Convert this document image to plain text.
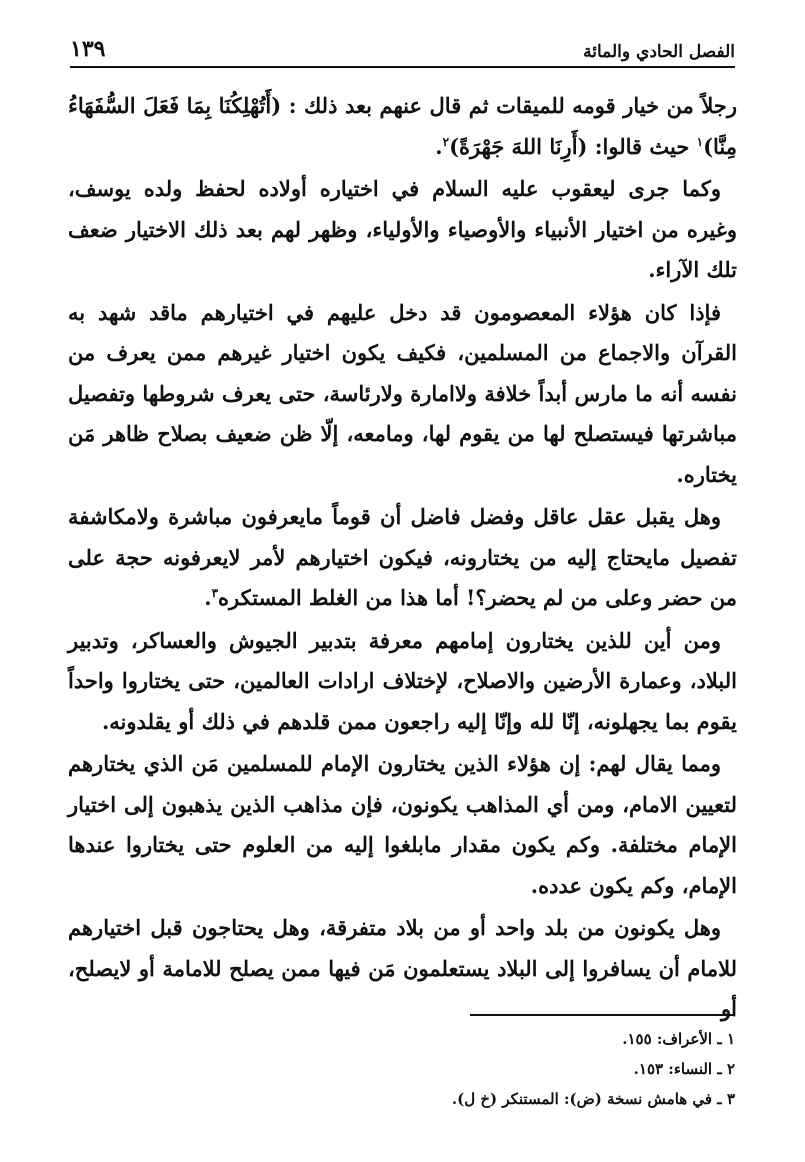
الفصل الحادي والمائة
١٣٩

رجلاً من خيار قومه للميقات ثم قال عنهم بعد ذلك : (أَتُهْلِكُنَا بِمَا فَعَلَ السُّفَهَاءُ مِنَّا)$^١$ حيث قالوا: (أَرِنَا اللهَ جَهْرَةً)$^٢$.

وكما جرى ليعقوب عليه السلام في اختياره أولاده لحفظ ولده يوسف، وغيره من اختيار الأنبياء والأوصياء والأولياء، وظهر لهم بعد ذلك الاختيار ضعف تلك الآراء.

فإذا كان هؤلاء المعصومون قد دخل عليهم في اختيارهم ماقد شهد به القرآن والاجماع من المسلمين، فكيف يكون اختيار غيرهم ممن يعرف من نفسه أنه ما مارس أبداً خلافة ولاامارة ولارئاسة، حتى يعرف شروطها وتفصيل مباشرتها فيستصلح لها من يقوم لها، ومامعه، إلّا ظن ضعيف بصلاح ظاهر مَن يختاره.

وهل يقبل عقل عاقل وفضل فاضل أن قوماً مايعرفون مباشرة ولامكاشفة تفصيل مايحتاج إليه من يختارونه، فيكون اختيارهم لأمر لايعرفونه حجة على من حضر وعلى من لم يحضر؟! أما هذا من الغلط المستكره$^٣$.

ومن أين للذين يختارون إمامهم معرفة بتدبير الجيوش والعساكر، وتدبير البلاد، وعمارة الأرضين والاصلاح، لإختلاف ارادات العالمين، حتى يختاروا واحداً يقوم بما يجهلونه، إنّا لله وإنّا إليه راجعون ممن قلدهم في ذلك أو يقلدونه.

ومما يقال لهم: إن هؤلاء الذين يختارون الإمام للمسلمين مَن الذي يختارهم لتعيين الامام، ومن أي المذاهب يكونون، فإن مذاهب الذين يذهبون إلى اختيار الإمام مختلفة. وكم يكون مقدار مابلغوا إليه من العلوم حتى يختاروا عندها الإمام، وكم يكون عدده.

وهل يكونون من بلد واحد أو من بلاد متفرقة، وهل يحتاجون قبل اختيارهم للامام أن يسافروا إلى البلاد يستعلمون مَن فيها ممن يصلح للامامة أو لايصلح، أو

١ ـ الأعراف: ١٥٥.

٢ ـ النساء: ١٥٣.

٣ ـ في هامش نسخة (ض): المستنكر (خ ل).
